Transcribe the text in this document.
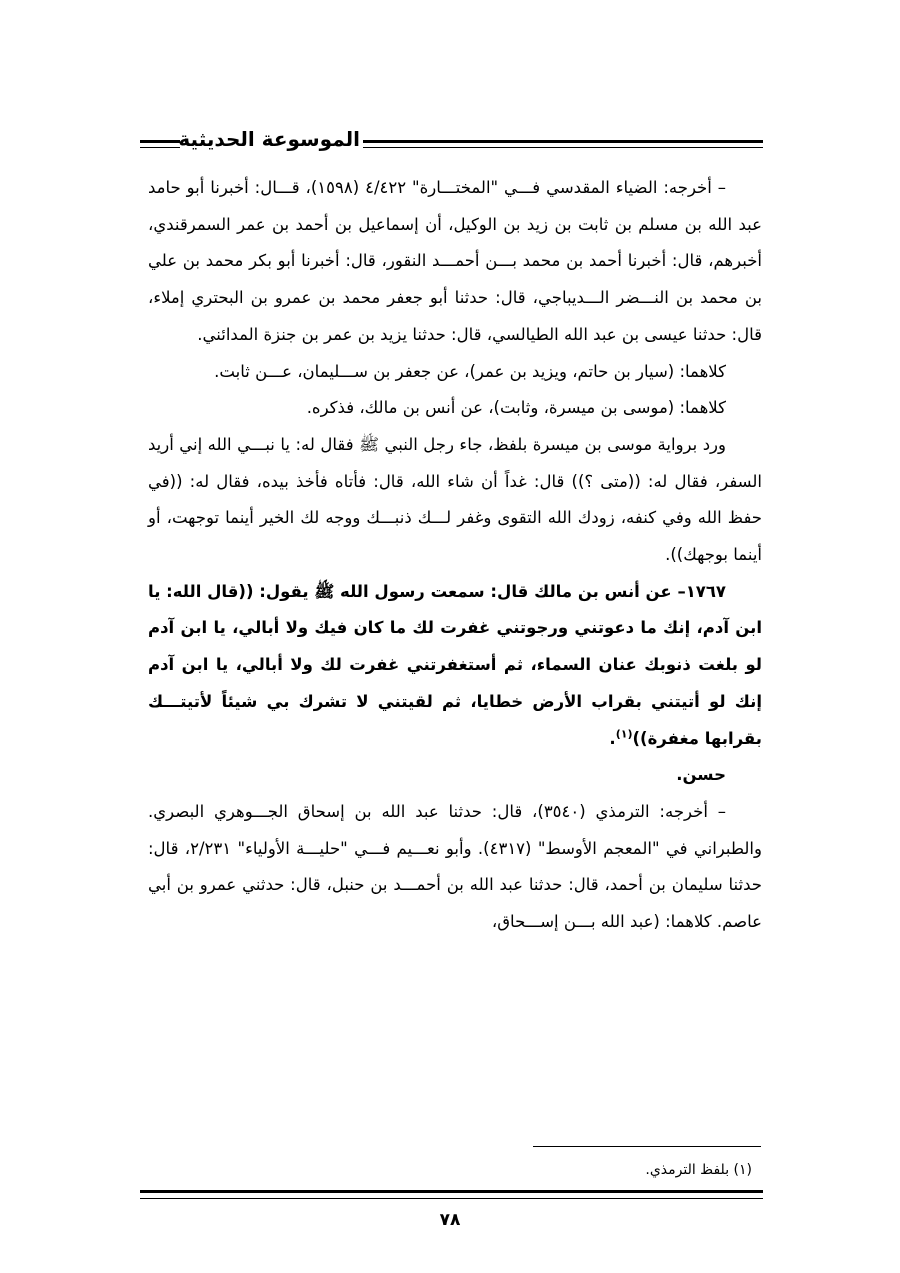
الموسوعة الحديثية

– أخرجه: الضياء المقدسي فـــي "المختـــارة" ٤/٤٢٢ (١٥٩٨)، قـــال: أخبرنا أبو حامد عبد الله بن مسلم بن ثابت بن زيد بن الوكيل، أن إسماعيل بن أحمد بن عمر السمرقندي، أخبرهم، قال: أخبرنا أحمد بن محمد بـــن أحمـــد النقور، قال: أخبرنا أبو بكر محمد بن علي بن محمد بن النـــضر الـــديباجي، قال: حدثنا أبو جعفر محمد بن عمرو بن البحتري إملاء، قال: حدثنا عيسى بن عبد الله الطيالسي، قال: حدثنا يزيد بن عمر بن جنزة المدائني.

كلاهما: (سيار بن حاتم، ويزيد بن عمر)، عن جعفر بن ســـليمان، عـــن ثابت.

كلاهما: (موسى بن ميسرة، وثابت)، عن أنس بن مالك، فذكره.

ورد برواية موسى بن ميسرة بلفظ، جاء رجل النبي ﷺ فقال له: يا نبـــي الله إني أريد السفر، فقال له: ((متى ؟)) قال: غداً أن شاء الله، قال: فأتاه فأخذ بيده، فقال له: ((في حفظ الله وفي كنفه، زودك الله التقوى وغفر لـــك ذنبـــك ووجه لك الخير أينما توجهت، أو أينما بوجهك)).

١٧٦٧– عن أنس بن مالك قال: سمعت رسول الله ﷺ يقول: ((قال الله: يا ابن آدم، إنك ما دعوتني ورجوتني غفرت لك ما كان فيك ولا أبالي، يا ابن آدم لو بلغت ذنوبك عنان السماء، ثم أستغفرتني غفرت لك ولا أبالي، يا ابن آدم إنك لو أتيتني بقراب الأرض خطايا، ثم لقيتني لا تشرك بي شيئاً لأتيتـــك بقرابها مغفرة))$^{(١)}$.

حسن.

– أخرجه: الترمذي (٣٥٤٠)، قال: حدثنا عبد الله بن إسحاق الجـــوهري البصري. والطبراني في "المعجم الأوسط" (٤٣١٧). وأبو نعـــيم فـــي "حليـــة الأولياء" ٢/٢٣١، قال: حدثنا سليمان بن أحمد، قال: حدثنا عبد الله بن أحمـــد بن حنبل، قال: حدثني عمرو بن أبي عاصم. كلاهما: (عبد الله بـــن إســـحاق،

(١) بلفظ الترمذي.
٧٨
